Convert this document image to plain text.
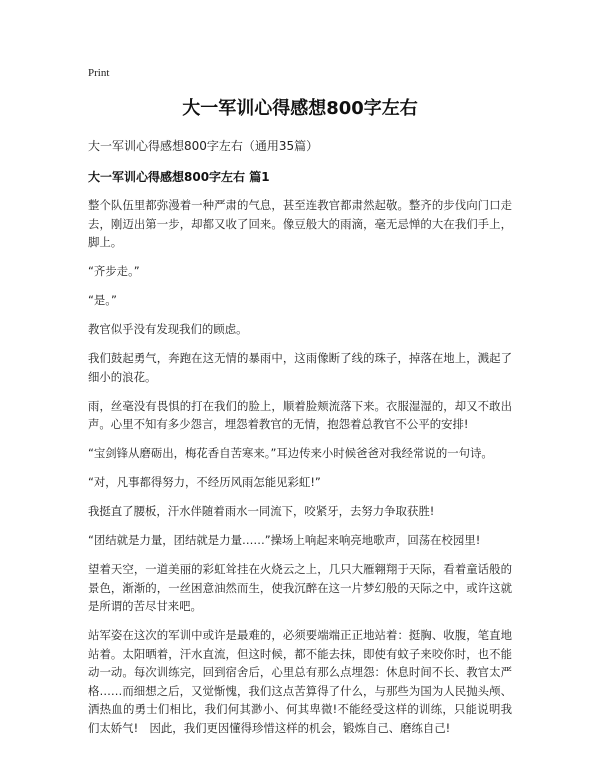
Print
大一军训心得感想800字左右
大一军训心得感想800字左右（通用35篇）
大一军训心得感想800字左右 篇1

整个队伍里都弥漫着一种严肃的气息，甚至连教官都肃然起敬。整齐的步伐向门口走去，刚迈出第一步，却都又收了回来。像豆般大的雨滴，毫无忌惮的大在我们手上，脚上。

“齐步走。”

“是。”

教官似乎没有发现我们的顾虑。

我们鼓起勇气，奔跑在这无情的暴雨中，这雨像断了线的珠子，掉落在地上，溅起了细小的浪花。

雨，丝毫没有畏惧的打在我们的脸上，顺着脸颊流落下来。衣服湿湿的，却又不敢出声。心里不知有多少怨言，埋怨着教官的无情，抱怨着总教官不公平的安排!

“宝剑锋从磨砺出，梅花香自苦寒来。”耳边传来小时候爸爸对我经常说的一句诗。

“对，凡事都得努力，不经历风雨怎能见彩虹!”

我挺直了腰板，汗水伴随着雨水一同流下，咬紧牙，去努力争取获胜!

“团结就是力量，团结就是力量……”操场上响起来响亮地歌声，回荡在校园里!

望着天空，一道美丽的彩虹耸挂在火烧云之上，几只大雁翱翔于天际，看着童话般的景色，渐渐的，一丝困意油然而生，使我沉醉在这一片梦幻般的天际之中，或许这就是所谓的苦尽甘来吧。

站军姿在这次的军训中或许是最难的，必须要端端正正地站着：挺胸、收腹，笔直地站着。太阳晒着，汗水直流，但这时候，都不能去抹，即使有蚊子来咬你时，也不能动一动。每次训练完，回到宿舍后，心里总有那么点埋怨：休息时间不长、教官太严格……而细想之后，又觉惭愧，我们这点苦算得了什么，与那些为国为人民抛头颅、洒热血的勇士们相比，我们何其渺小、何其卑微!不能经受这样的训练，只能说明我们太娇气!　因此，我们更因懂得珍惜这样的机会，锻炼自己、磨练自己!
